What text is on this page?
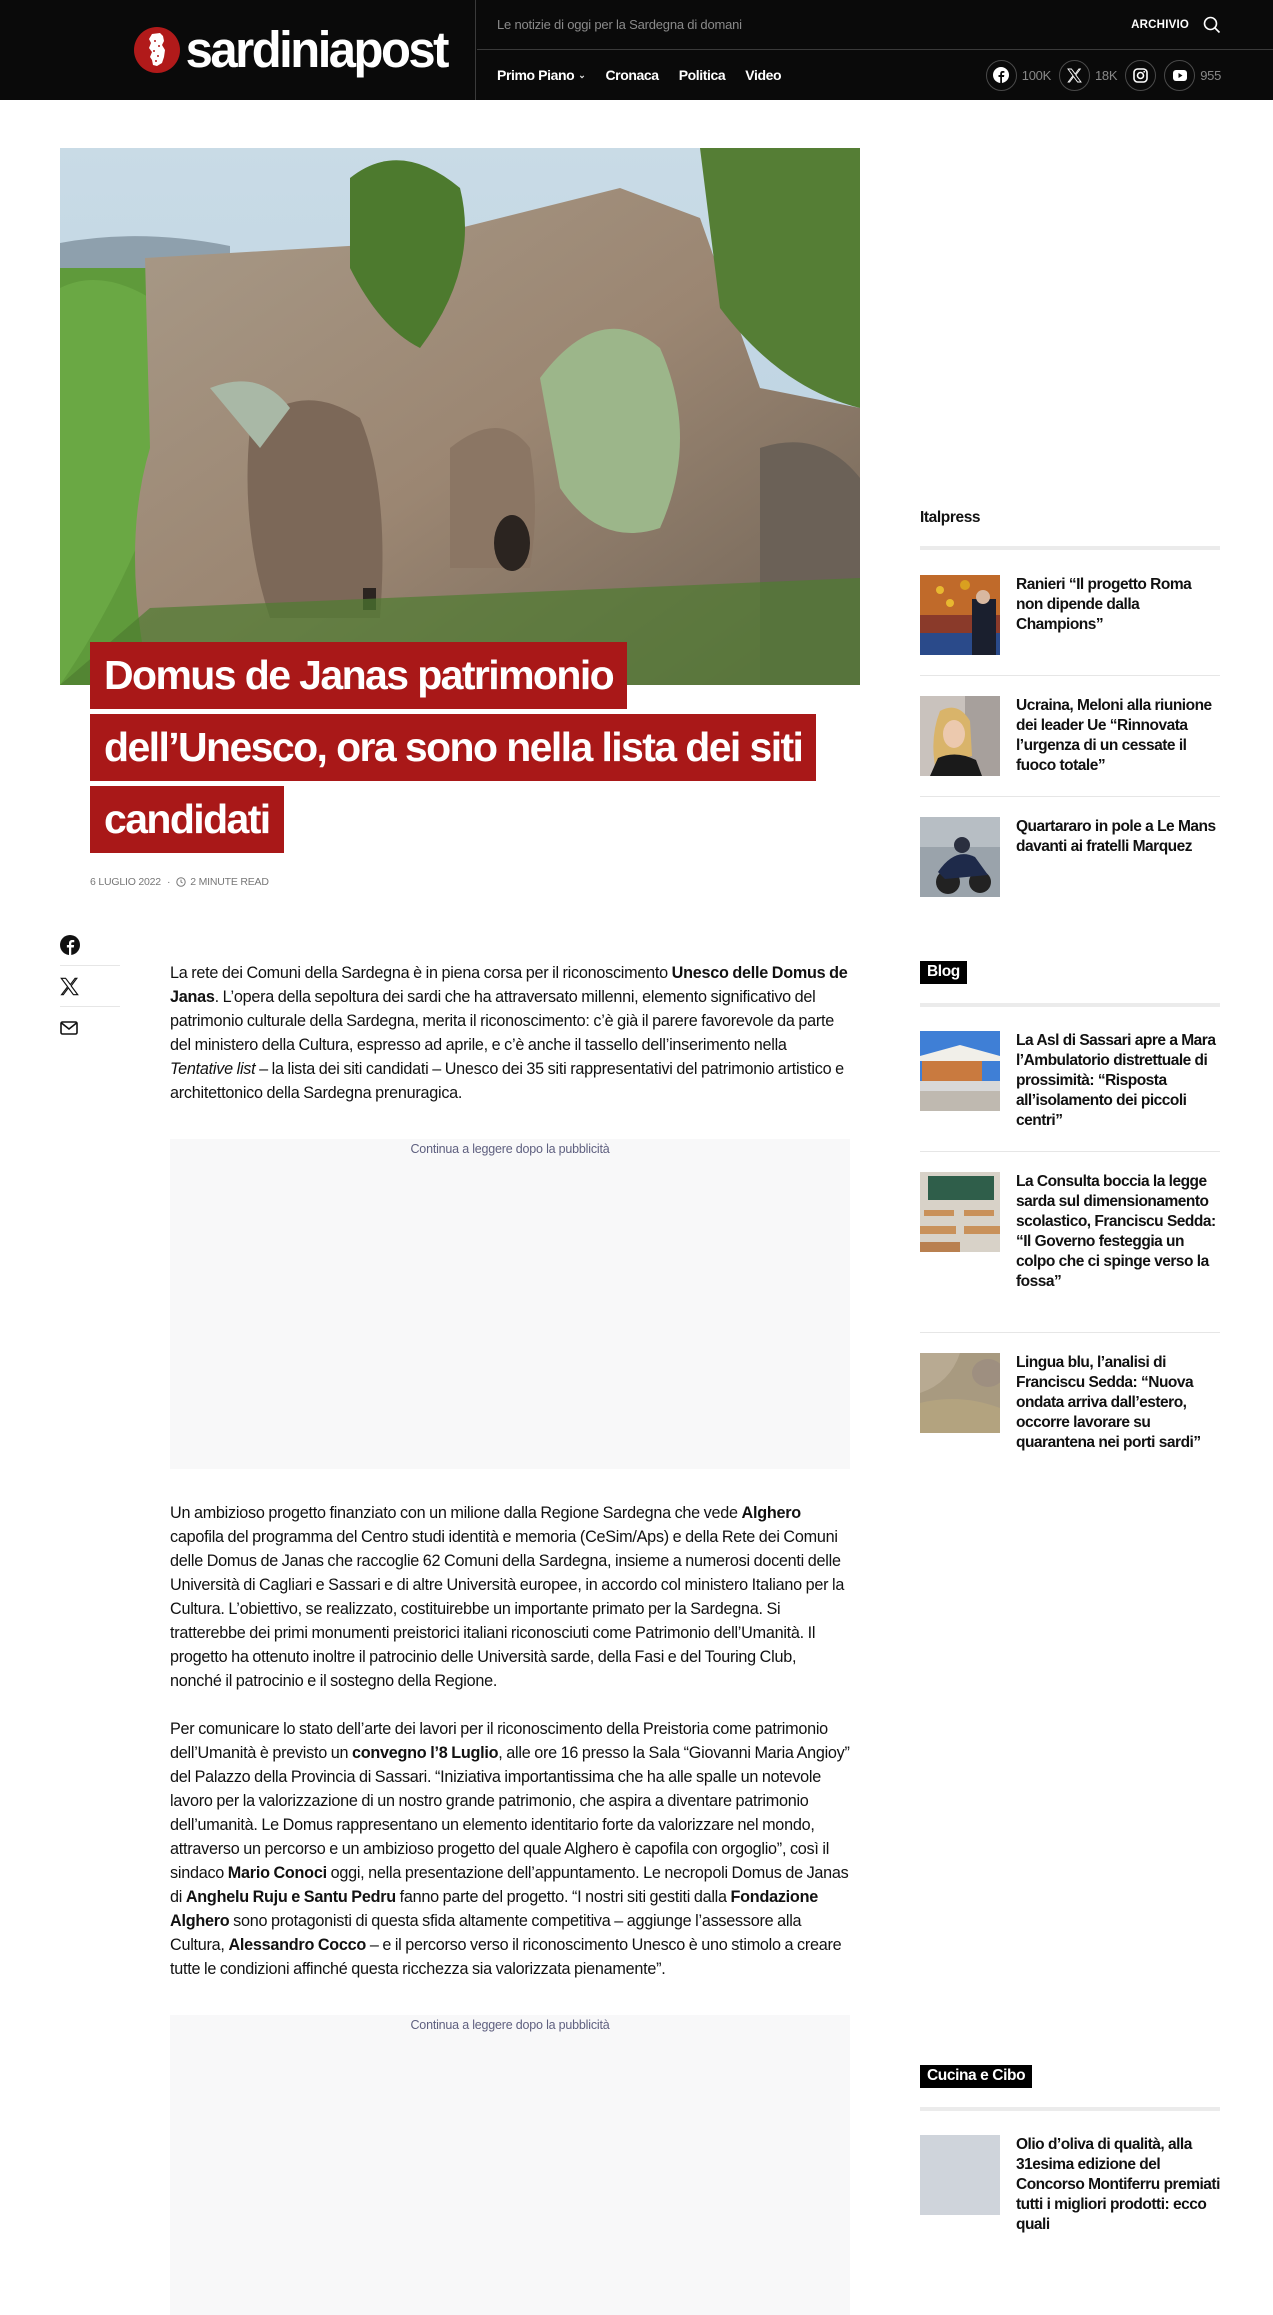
sardiniapost	Le notizie di oggi per la Sardegna di domani	ARCHIVIO
Primo Piano ⌄ Cronaca Politica Video	100K	18K	955
Domus de Janas patrimonio
dell’Unesco, ora sono nella lista dei siti
candidati
6 LUGLIO 2022 · 2 MINUTE READ

La rete dei Comuni della Sardegna è in piena corsa per il riconoscimento Unesco delle Domus de Janas. L’opera della sepoltura dei sardi che ha attraversato millenni, elemento significativo del patrimonio culturale della Sardegna, merita il riconoscimento: c’è già il parere favorevole da parte del ministero della Cultura, espresso ad aprile, e c’è anche il tassello dell’inserimento nella Tentative list – la lista dei siti candidati – Unesco dei 35 siti rappresentativi del patrimonio artistico e architettonico della Sardegna prenuragica.

Continua a leggere dopo la pubblicità

Un ambizioso progetto finanziato con un milione dalla Regione Sardegna che vede Alghero capofila del programma del Centro studi identità e memoria (CeSim/Aps) e della Rete dei Comuni delle Domus de Janas che raccoglie 62 Comuni della Sardegna, insieme a numerosi docenti delle Università di Cagliari e Sassari e di altre Università europee, in accordo col ministero Italiano per la Cultura. L’obiettivo, se realizzato, costituirebbe un importante primato per la Sardegna. Si tratterebbe dei primi monumenti preistorici italiani riconosciuti come Patrimonio dell’Umanità. Il progetto ha ottenuto inoltre il patrocinio delle Università sarde, della Fasi e del Touring Club, nonché il patrocinio e il sostegno della Regione.

Per comunicare lo stato dell’arte dei lavori per il riconoscimento della Preistoria come patrimonio dell’Umanità è previsto un convegno l’8 Luglio, alle ore 16 presso la Sala “Giovanni Maria Angioy” del Palazzo della Provincia di Sassari. “Iniziativa importantissima che ha alle spalle un notevole lavoro per la valorizzazione di un nostro grande patrimonio, che aspira a diventare patrimonio dell’umanità. Le Domus rappresentano un elemento identitario forte da valorizzare nel mondo, attraverso un percorso e un ambizioso progetto del quale Alghero è capofila con orgoglio”, così il sindaco Mario Conoci oggi, nella presentazione dell’appuntamento. Le necropoli Domus de Janas di Anghelu Ruju e Santu Pedru fanno parte del progetto. “I nostri siti gestiti dalla Fondazione Alghero sono protagonisti di questa sfida altamente competitiva – aggiunge l’assessore alla Cultura, Alessandro Cocco – e il percorso verso il riconoscimento Unesco è uno stimolo a creare tutte le condizioni affinché questa ricchezza sia valorizzata pienamente”.

Continua a leggere dopo la pubblicità
Italpress
Ranieri “Il progetto Roma non dipende dalla Champions”
Ucraina, Meloni alla riunione dei leader Ue “Rinnovata l’urgenza di un cessate il fuoco totale”
Quartararo in pole a Le Mans davanti ai fratelli Marquez
Blog
La Asl di Sassari apre a Mara l’Ambulatorio distrettuale di prossimità: “Risposta all’isolamento dei piccoli centri”
La Consulta boccia la legge sarda sul dimensionamento scolastico, Franciscu Sedda: “Il Governo festeggia un colpo che ci spinge verso la fossa”
Lingua blu, l’analisi di Franciscu Sedda: “Nuova ondata arriva dall’estero, occorre lavorare su quarantena nei porti sardi”
Cucina e Cibo
Olio d’oliva di qualità, alla 31esima edizione del Concorso Montiferru premiati tutti i migliori prodotti: ecco quali
